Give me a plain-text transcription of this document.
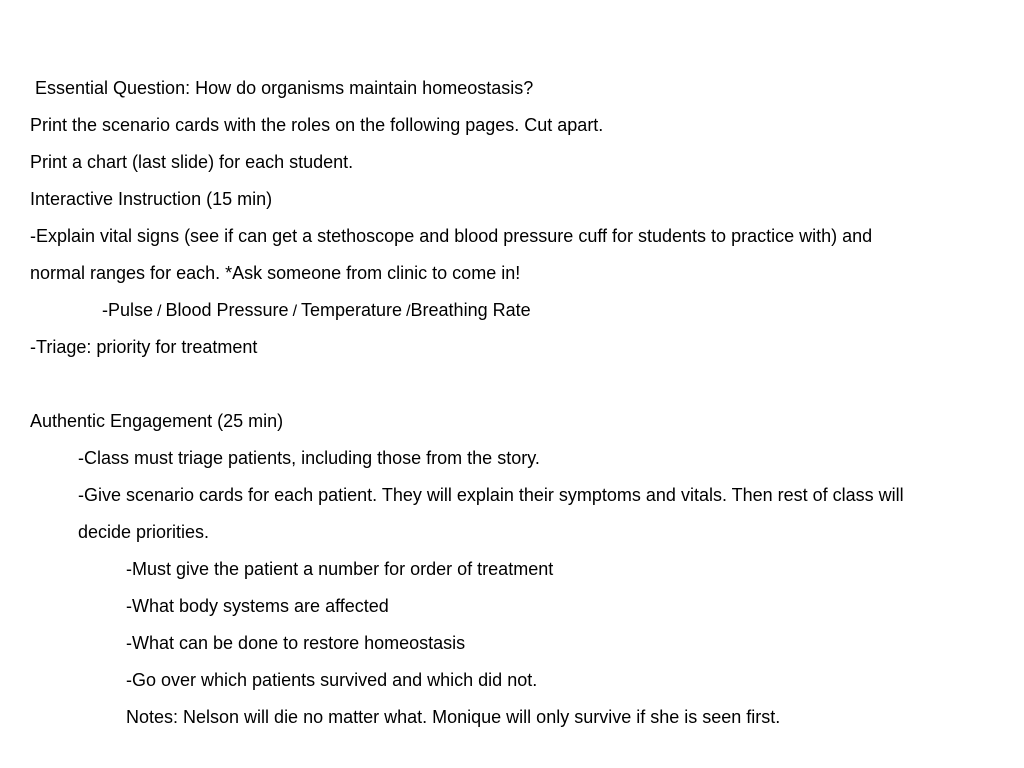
Essential Question: How do organisms maintain homeostasis?
Print the scenario cards with the roles on the following pages. Cut apart.
Print a chart (last slide) for each student.
Interactive Instruction (15 min)
-Explain vital signs (see if can get a stethoscope and blood pressure cuff for students to practice with) and
normal ranges for each. *Ask someone from clinic to come in!
-Pulse / Blood Pressure / Temperature /Breathing Rate
-Triage: priority for treatment
Authentic Engagement (25 min)
-Class must triage patients, including those from the story.
-Give scenario cards for each patient. They will explain their symptoms and vitals. Then rest of class will
decide priorities.
-Must give the patient a number for order of treatment
-What body systems are affected
-What can be done to restore homeostasis
-Go over which patients survived and which did not.
Notes: Nelson will die no matter what. Monique will only survive if she is seen first.
